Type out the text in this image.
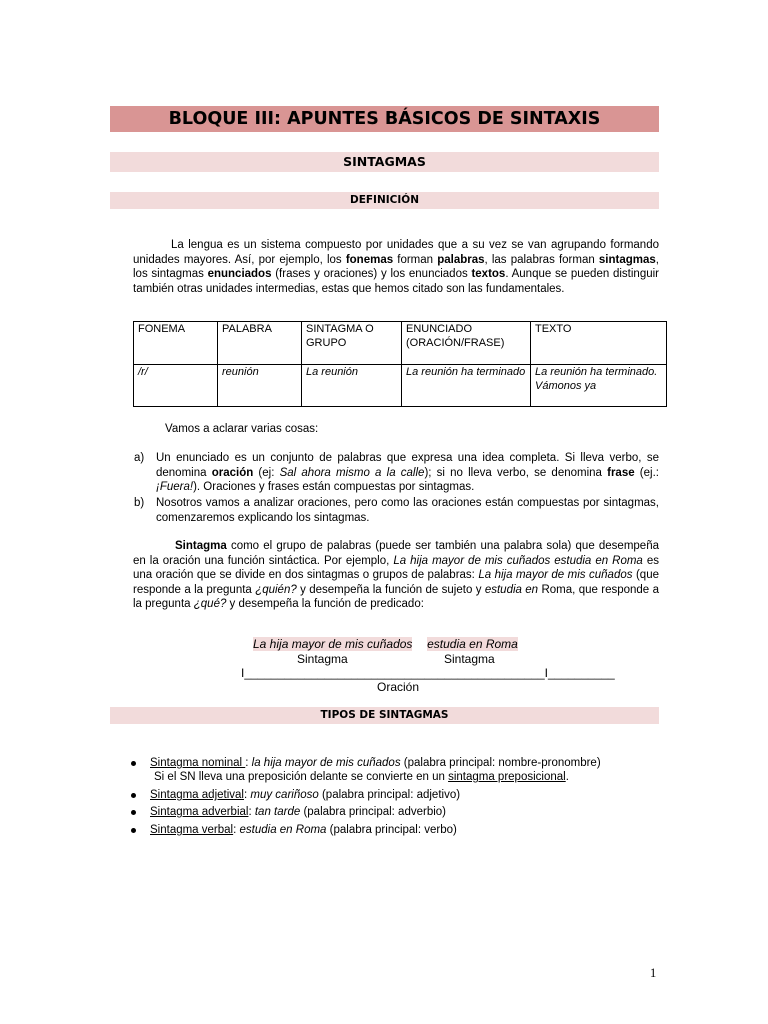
BLOQUE III: APUNTES BÁSICOS DE SINTAXIS
SINTAGMAS
DEFINICIÓN
La lengua es un sistema compuesto por unidades que a su vez se van agrupando formando unidades mayores. Así, por ejemplo, los fonemas forman palabras, las palabras forman sintagmas, los sintagmas enunciados (frases y oraciones) y los enunciados textos. Aunque se pueden distinguir también otras unidades intermedias, estas que hemos citado son las fundamentales.
FONEMA	PALABRA	SINTAGMA O GRUPO	ENUNCIADO (ORACIÓN/FRASE)	TEXTO
/r/	reunión	La reunión	La reunión ha terminado	La reunión ha terminado. Vámonos ya
Vamos a aclarar varias cosas:
a) Un enunciado es un conjunto de palabras que expresa una idea completa. Si lleva verbo, se denomina oración (ej: Sal ahora mismo a la calle); si no lleva verbo, se denomina frase (ej.: ¡Fuera!). Oraciones y frases están compuestas por sintagmas.
b) Nosotros vamos a analizar oraciones, pero como las oraciones están compuestas por sintagmas, comenzaremos explicando los sintagmas.
Sintagma como el grupo de palabras (puede ser también una palabra sola) que desempeña en la oración una función sintáctica. Por ejemplo, La hija mayor de mis cuñados estudia en Roma es una oración que se divide en dos sintagmas o grupos de palabras: La hija mayor de mis cuñados (que responde a la pregunta ¿quién? y desempeña la función de sujeto y estudia en Roma, que responde a la pregunta ¿qué? y desempeña la función de predicado:
La hija mayor de mis cuñados estudia en Roma
Sintagma	Sintagma
I_____________________________________________I__________
Oración
TIPOS DE SINTAGMAS
Sintagma nominal : la hija mayor de mis cuñados (palabra principal: nombre-pronombre)
Si el SN lleva una preposición delante se convierte en un sintagma preposicional.
Sintagma adjetival: muy cariñoso (palabra principal: adjetivo)
Sintagma adverbial: tan tarde (palabra principal: adverbio)
Sintagma verbal: estudia en Roma (palabra principal: verbo)
1
